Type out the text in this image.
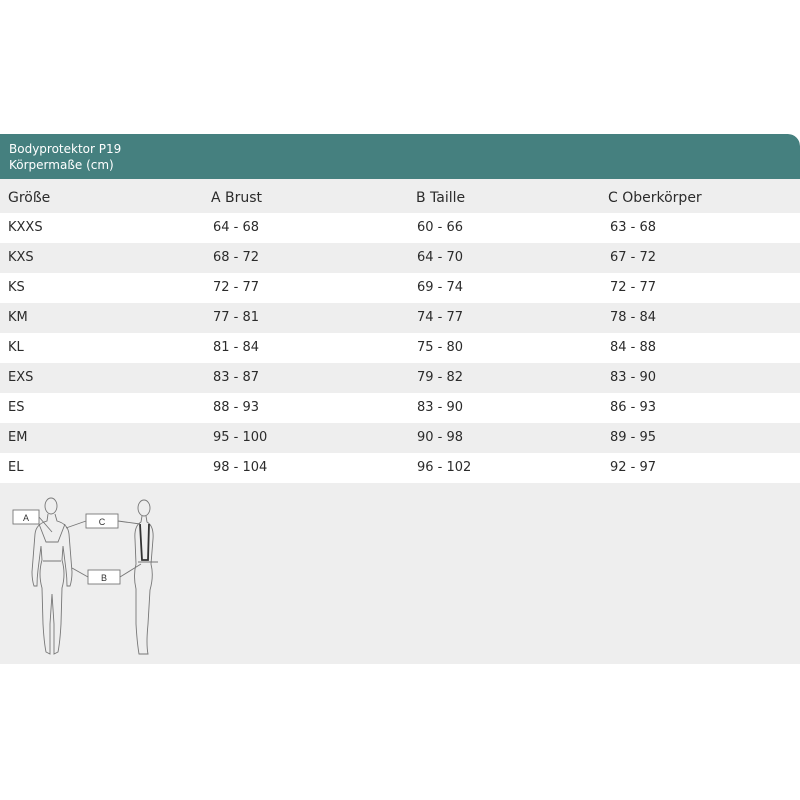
Bodyprotektor P19
Körpermaße (cm)
Größe	A Brust	B Taille	C Oberkörper
KXXS	64 - 68	60 - 66	63 - 68
KXS	68 - 72	64 - 70	67 - 72
KS	72 - 77	69 - 74	72 - 77
KM	77 - 81	74 - 77	78 - 84
KL	81 - 84	75 - 80	84 - 88
EXS	83 - 87	79 - 82	83 - 90
ES	88 - 93	83 - 90	86 - 93
EM	95 - 100	90 - 98	89 - 95
EL	98 - 104	96 - 102	92 - 97
A	C
B
